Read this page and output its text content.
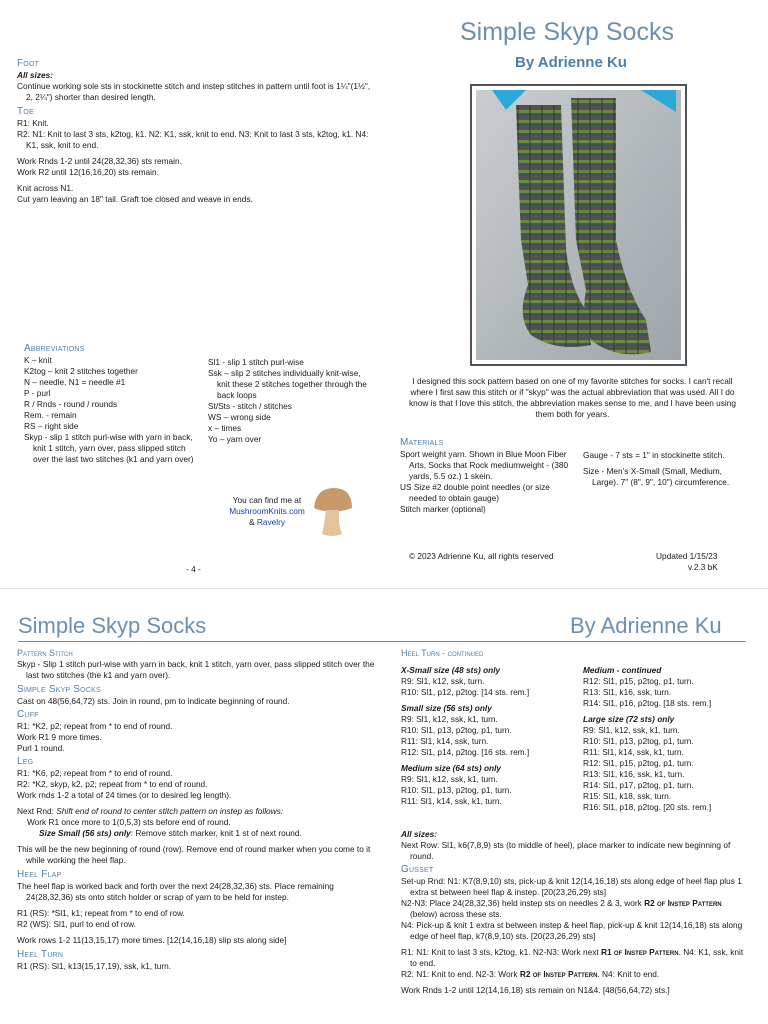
Simple Skyp Socks
By Adrienne Ku
Foot

All sizes:

Continue working sole sts in stockinette stitch and instep stitches in pattern until foot is 1¼"(1½", 2, 2¼") shorter than desired length.

Toe

R1: Knit.

R2: N1: Knit to last 3 sts, k2tog, k1. N2: K1, ssk, knit to end. N3: Knit to last 3 sts, k2tog, k1. N4: K1, ssk, knit to end.

Work Rnds 1-2 until 24(28,32,36) sts remain.

Work R2 until 12(16,16,20) sts remain.

Knit across N1.

Cut yarn leaving an 18" tail. Graft toe closed and weave in ends.

Abbreviations

K – knit

K2tog – knit 2 stitches together

N – needle, N1 = needle #1

P - purl

R / Rnds - round / rounds

Rem. - remain

RS – right side

Skyp - slip 1 stitch purl-wise with yarn in back, knit 1 stitch, yarn over, pass slipped stitch over the last two stitches (k1 and yarn over)

Sl1 - slip 1 stitch purl-wise

Ssk – slip 2 stitches individually knit-wise, knit these 2 stitches together through the back loops

St/Sts - stitch / stitches

WS – wrong side

x – times

Yo – yarn over

You can find me at

MushroomKnits.com
& Ravelry
- 4 -

I designed this sock pattern based on one of my favorite stitches for socks. I can't recall where I first saw this stitch or if "skyp" was the actual abbreviation that was used. All I do know is that I love this stitch, the abbreviation makes sense to me, and I have been using them both for years.

Materials

Sport weight yarn. Shown in Blue Moon Fiber Arts, Socks that Rock mediumweight - (380 yards, 5.5 oz.) 1 skein.

US Size #2 double point needles (or size needed to obtain gauge)

Stitch marker (optional)

Gauge - 7 sts = 1" in stockinette stitch.

Size - Men's X-Small (Small, Medium, Large). 7" (8", 9", 10") circumference.

© 2023 Adrienne Ku, all rights reserved	Updated 1/15/23
v.2.3 bK
Simple Skyp Socks	By Adrienne Ku
Pattern Stitch

Skyp - Slip 1 stitch purl-wise with yarn in back, knit 1 stitch, yarn over, pass slipped stitch over the last two stitches (the k1 and yarn over).

Simple Skyp Socks

Cast on 48(56,64,72) sts. Join in round, pm to indicate beginning of round.

Cuff

R1: *K2, p2; repeat from * to end of round.

Work R1 9 more times.

Purl 1 round.

Leg

R1: *K6, p2; repeat from * to end of round.

R2: *K2, skyp, k2, p2; repeat from * to end of round.

Work rnds 1-2 a total of 24 times (or to desired leg length).

Next Rnd: Shift end of round to center stitch pattern on instep as follows:

Work R1 once more to 1(0,5,3) sts before end of round.

Size Small (56 sts) only: Remove stitch marker, knit 1 st of next round.

This will be the new beginning of round (row). Remove end of round marker when you come to it while working the heel flap.

Heel Flap

The heel flap is worked back and forth over the next 24(28,32,36) sts. Place remaining 24(28,32,36) sts onto stitch holder or scrap of yarn to be held for instep.

R1 (RS): *Sl1, k1; repeat from * to end of row.

R2 (WS): Sl1, purl to end of row.

Work rows 1-2 11(13,15,17) more times. [12(14,16,18) slip sts along side]

Heel Turn

R1 (RS): Sl1, k13(15,17,19), ssk, k1, turn.

Heel Turn - continued

X-Small size (48 sts) only

R9: Sl1, k12, ssk, turn.

R10: Sl1, p12, p2tog. [14 sts. rem.]

Small size (56 sts) only

R9: Sl1, k12, ssk, k1, turn.

R10: Sl1, p13, p2tog, p1, turn.

R11: Sl1, k14, ssk, turn.

R12: Sl1, p14, p2tog. [16 sts. rem.]

Medium size (64 sts) only

R9: Sl1, k12, ssk, k1, turn.

R10: Sl1, p13, p2tog, p1, turn.

R11: Sl1, k14, ssk, k1, turn.

Medium - continued

R12: Sl1, p15, p2tog, p1, turn.

R13: Sl1, k16, ssk, turn.

R14: Sl1, p16, p2tog. [18 sts. rem.]

Large size (72 sts) only

R9: Sl1, k12, ssk, k1, turn.

R10: Sl1, p13, p2tog, p1, turn.

R11: Sl1, k14, ssk, k1, turn.

R12: Sl1, p15, p2tog, p1, turn.

R13: Sl1, k16, ssk, k1, turn.

R14: Sl1, p17, p2tog, p1, turn.

R15: Sl1, k18, ssk, turn.

R16: Sl1, p18, p2tog. [20 sts. rem.]

All sizes:

Next Row: Sl1, k6(7,8,9) sts (to middle of heel), place marker to indicate new beginning of round.

Gusset

Set-up Rnd: N1: K7(8,9,10) sts, pick-up & knit 12(14,16,18) sts along edge of heel flap plus 1 extra st between heel flap & instep. [20(23,26,29) sts]

N2-N3: Place 24(28,32,36) held instep sts on needles 2 & 3, work R2 of Instep Pattern (below) across these sts.

N4: Pick-up & knit 1 extra st between instep & heel flap, pick-up & knit 12(14,16,18) sts along edge of heel flap, k7(8,9,10) sts. [20(23,26,29) sts]

R1: N1: Knit to last 3 sts, k2tog, k1. N2-N3: Work next R1 of Instep Pattern. N4: K1, ssk, knit to end.

R2: N1: Knit to end. N2-3: Work R2 of Instep Pattern. N4: Knit to end.

Work Rnds 1-2 until 12(14,16,18) sts remain on N1&4. [48(56,64,72) sts.]
